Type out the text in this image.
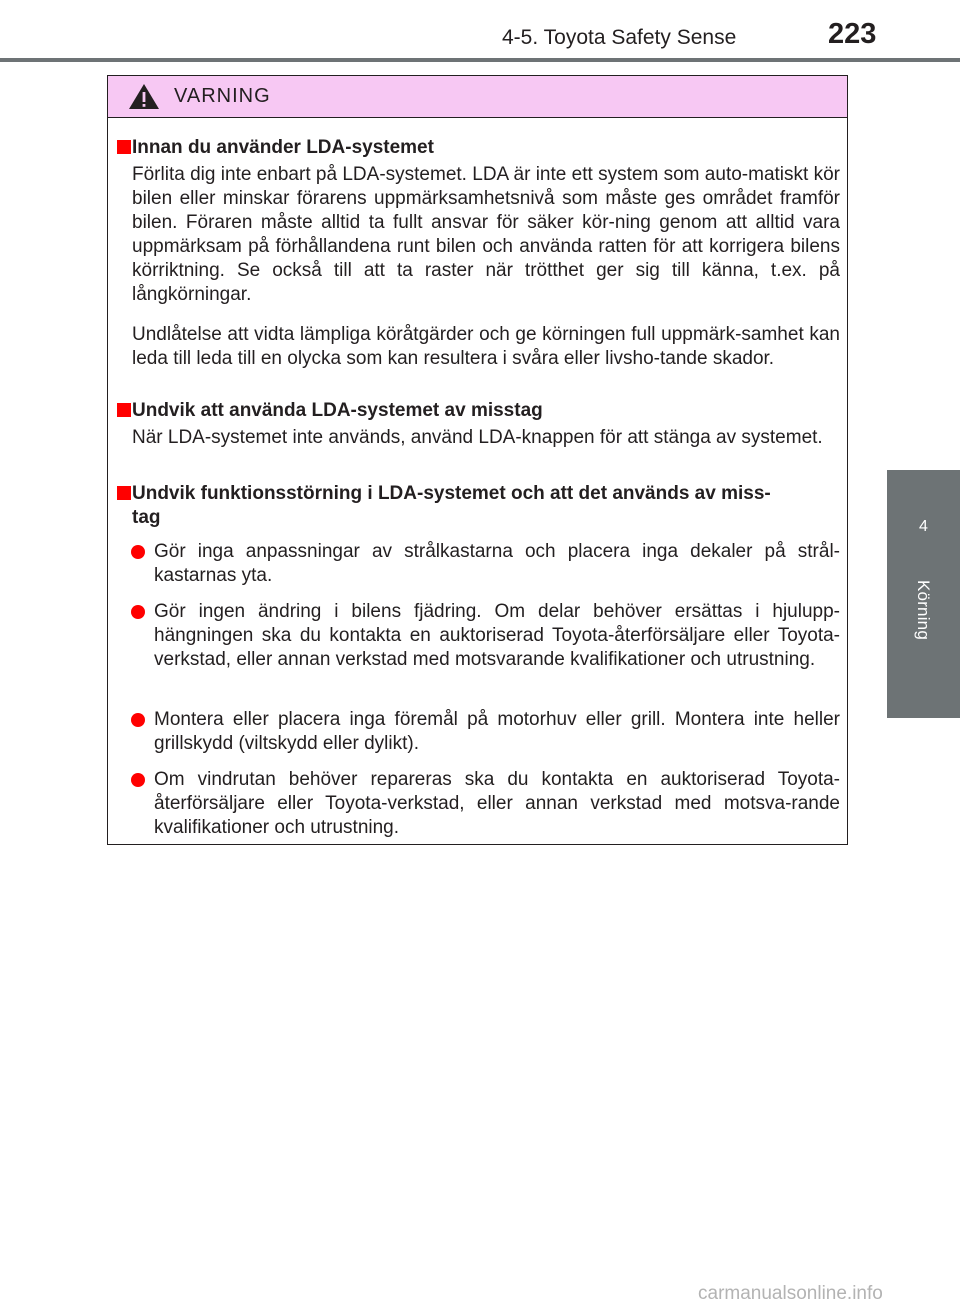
4-5. Toyota Safety Sense	223
4
Körning
VARNING
Innan du använder LDA-systemet
Förlita dig inte enbart på LDA-systemet. LDA är inte ett system som auto-matiskt kör bilen eller minskar förarens uppmärksamhetsnivå som måste ges området framför bilen. Föraren måste alltid ta fullt ansvar för säker kör-ning genom att alltid vara uppmärksam på förhållandena runt bilen och använda ratten för att korrigera bilens körriktning. Se också till att ta raster när trötthet ger sig till känna, t.ex. på långkörningar.
Undlåtelse att vidta lämpliga köråtgärder och ge körningen full uppmärk-samhet kan leda till leda till en olycka som kan resultera i svåra eller livsho-tande skador.
Undvik att använda LDA-systemet av misstag
När LDA-systemet inte används, använd LDA-knappen för att stänga av systemet.
Undvik funktionsstörning i LDA-systemet och att det används av miss-
tag
Gör inga anpassningar av strålkastarna och placera inga dekaler på strål-kastarnas yta.
Gör ingen ändring i bilens fjädring. Om delar behöver ersättas i hjulupp-hängningen ska du kontakta en auktoriserad Toyota-återförsäljare eller Toyota-verkstad, eller annan verkstad med motsvarande kvalifikationer och utrustning.
Montera eller placera inga föremål på motorhuv eller grill. Montera inte heller grillskydd (viltskydd eller dylikt).
Om vindrutan behöver repareras ska du kontakta en auktoriserad Toyota-återförsäljare eller Toyota-verkstad, eller annan verkstad med motsva-rande kvalifikationer och utrustning.
carmanualsonline.info
